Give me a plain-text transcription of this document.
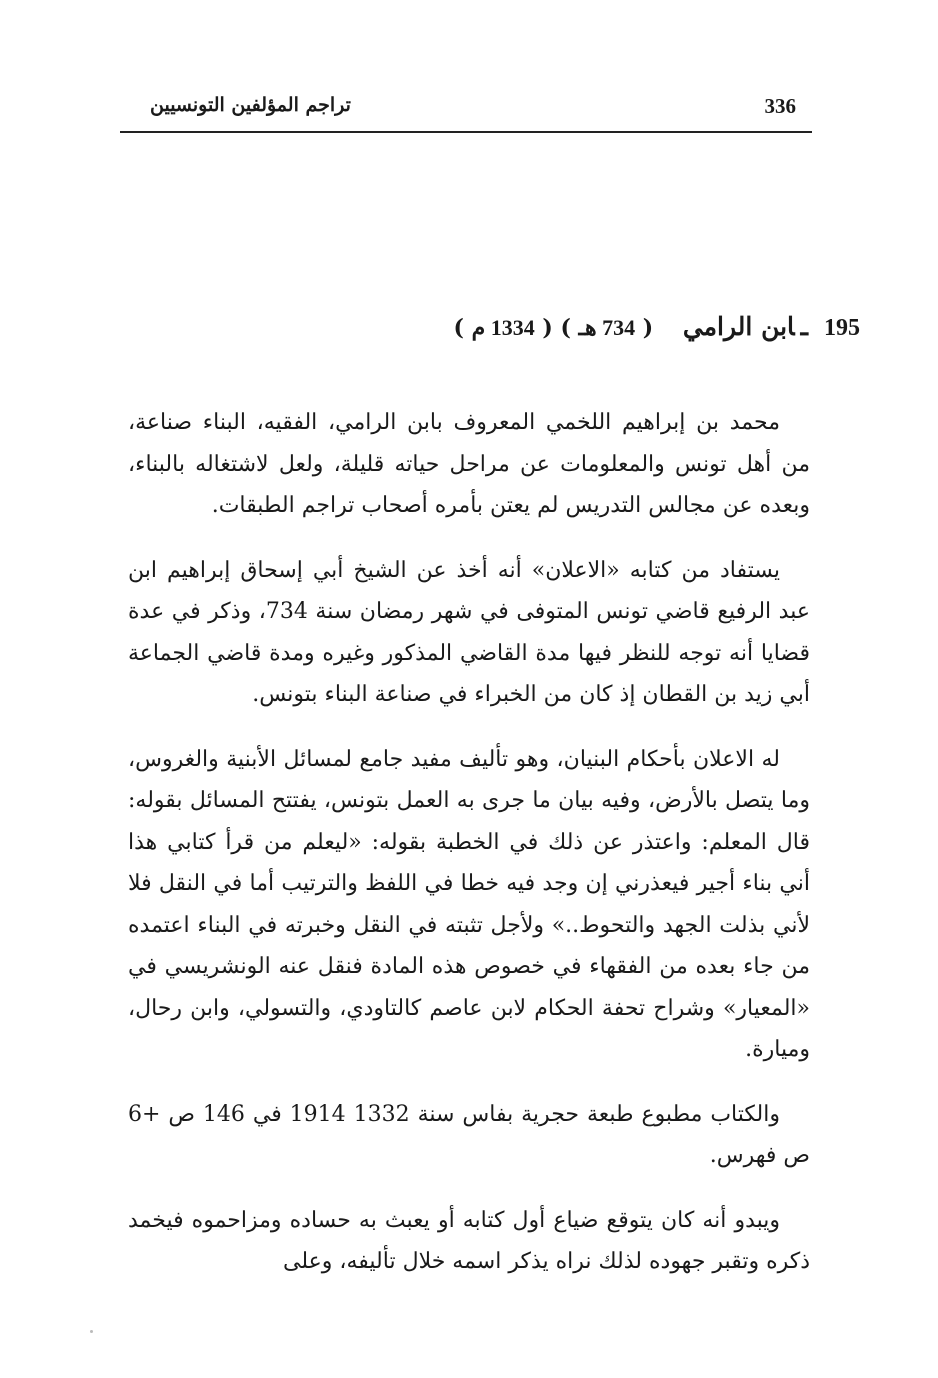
336
تراجم المؤلفين التونسيين
195ـابن الرامي ( 734 هـ ) ( 1334 م )

محمد بن إبراهيم اللخمي المعروف بابن الرامي، الفقيه، البناء صناعة، من أهل تونس والمعلومات عن مراحل حياته قليلة، ولعل لاشتغاله بالبناء، وبعده عن مجالس التدريس لم يعتن بأمره أصحاب تراجم الطبقات.

يستفاد من كتابه «الاعلان» أنه أخذ عن الشيخ أبي إسحاق إبراهيم ابن عبد الرفيع قاضي تونس المتوفى في شهر رمضان سنة 734، وذكر في عدة قضايا أنه توجه للنظر فيها مدة القاضي المذكور وغيره ومدة قاضي الجماعة أبي زيد بن القطان إذ كان من الخبراء في صناعة البناء بتونس.

له الاعلان بأحكام البنيان، وهو تأليف مفيد جامع لمسائل الأبنية والغروس، وما يتصل بالأرض، وفيه بيان ما جرى به العمل بتونس، يفتتح المسائل بقوله: قال المعلم: واعتذر عن ذلك في الخطبة بقوله: «ليعلم من قرأ كتابي هذا أني بناء أجير فيعذرني إن وجد فيه خطا في اللفظ والترتيب أما في النقل فلا لأني بذلت الجهد والتحوط..» ولأجل تثبته في النقل وخبرته في البناء اعتمده من جاء بعده من الفقهاء في خصوص هذه المادة فنقل عنه الونشريسي في «المعيار» وشراح تحفة الحكام لابن عاصم كالتاودي، والتسولي، وابن رحال، وميارة.

والكتاب مطبوع طبعة حجرية بفاس سنة 1332 1914 في 146 ص +6 ص فهرس.

ويبدو أنه كان يتوقع ضياع أول كتابه أو يعبث به حساده ومزاحموه فيخمد ذكره وتقبر جهوده لذلك نراه يذكر اسمه خلال تأليفه، وعلى
